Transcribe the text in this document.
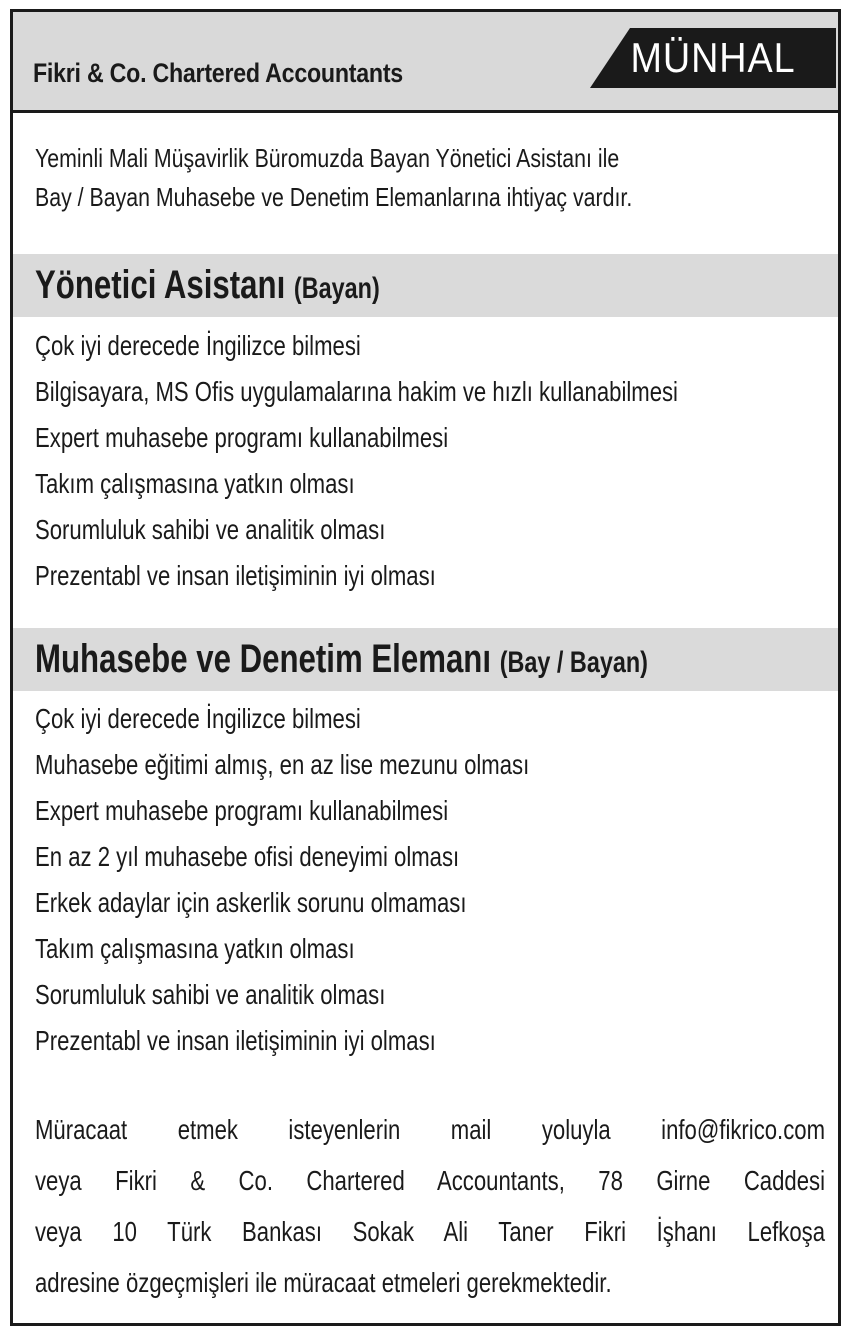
Fikri & Co. Chartered Accountants	MÜNHAL
Yeminli Mali Müşavirlik Büromuzda Bayan Yönetici Asistanı ile
Bay / Bayan Muhasebe ve Denetim Elemanlarına ihtiyaç vardır.
Yönetici Asistanı (Bayan)
Çok iyi derecede İngilizce bilmesi
Bilgisayara, MS Ofis uygulamalarına hakim ve hızlı kullanabilmesi
Expert muhasebe programı kullanabilmesi
Takım çalışmasına yatkın olması
Sorumluluk sahibi ve analitik olması
Prezentabl ve insan iletişiminin iyi olması
Muhasebe ve Denetim Elemanı (Bay / Bayan)
Çok iyi derecede İngilizce bilmesi
Muhasebe eğitimi almış, en az lise mezunu olması
Expert muhasebe programı kullanabilmesi
En az 2 yıl muhasebe ofisi deneyimi olması
Erkek adaylar için askerlik sorunu olmaması
Takım çalışmasına yatkın olması
Sorumluluk sahibi ve analitik olması
Prezentabl ve insan iletişiminin iyi olması
Müracaat etmek isteyenlerin mail yoluyla info@fikrico.com
veya Fikri & Co. Chartered Accountants, 78 Girne Caddesi
veya 10 Türk Bankası Sokak Ali Taner Fikri İşhanı Lefkoşa
adresine özgeçmişleri ile müracaat etmeleri gerekmektedir.
